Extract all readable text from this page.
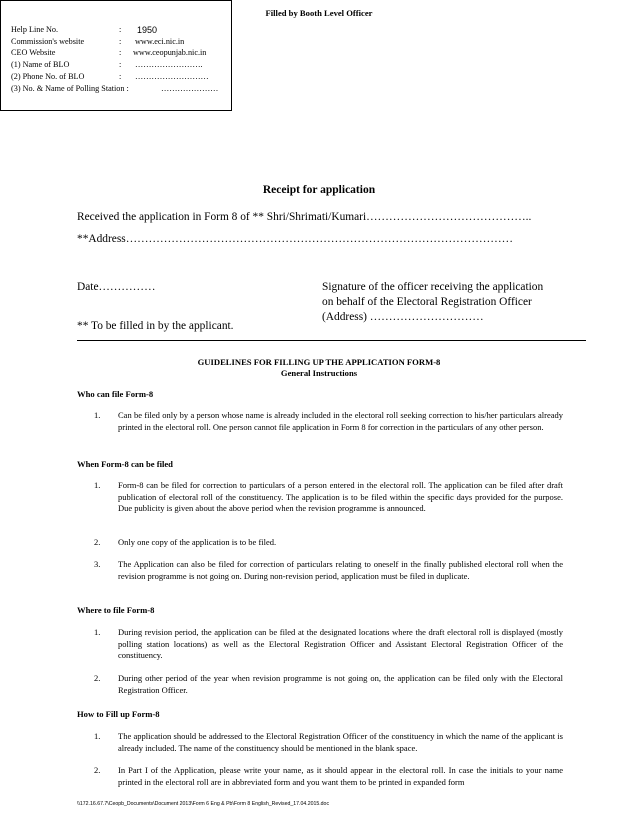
Filled by Booth Level Officer
Help Line No.	: 1950
Commission's website	: www.eci.nic.in
CEO Website	: www.ceopunjab.nic.in
(1) Name of BLO	: …………………….
(2) Phone No. of BLO	: ………………………
(3) No. & Name of Polling Station :	…………………
Receipt for application
Received the application in Form 8 of ** Shri/Shrimati/Kumari……………………………………..
**Address…………………………………………………………………………………………
Date……………	Signature of the officer receiving the application
on behalf of the Electoral Registration Officer
(Address) …………………………
** To be filled in by the applicant.
GUIDELINES FOR FILLING UP THE APPLICATION FORM-8
General Instructions
Who can file Form-8
1.	Can be filed only by a person whose name is already included in the electoral roll seeking correction to his/her particulars already printed in the electoral roll. One person cannot file application in Form 8 for correction in the particulars of any other person.
When Form-8 can be filed
1.	Form-8 can be filed for correction to particulars of a person entered in the electoral roll. The application can be filed after draft publication of electoral roll of the constituency. The application is to be filed within the specific days provided for the purpose. Due publicity is given about the above period when the revision programme is announced.
2.	Only one copy of the application is to be filed.
3.	The Application can also be filed for correction of particulars relating to oneself in the finally published electoral roll when the revision programme is not going on. During non-revision period, application must be filed in duplicate.
Where to file Form-8
1.	During revision period, the application can be filed at the designated locations where the draft electoral roll is displayed (mostly polling station locations) as well as the Electoral Registration Officer and Assistant Electoral Registration Officer of the constituency.
2.	During other period of the year when revision programme is not going on, the application can be filed only with the Electoral Registration Officer.
How to Fill up Form-8
1.	The application should be addressed to the Electoral Registration Officer of the constituency in which the name of the applicant is already included. The name of the constituency should be mentioned in the blank space.
2.	In Part I of the Application, please write your name, as it should appear in the electoral roll. In case the initials to your name printed in the electoral roll are in abbreviated form and you want them to be printed in expanded form
\\172.16.67.7\Ceopb_Documents\Document 2013\Form 6 Eng & Pb\Form 8 English_Revised_17.04.2015.doc
